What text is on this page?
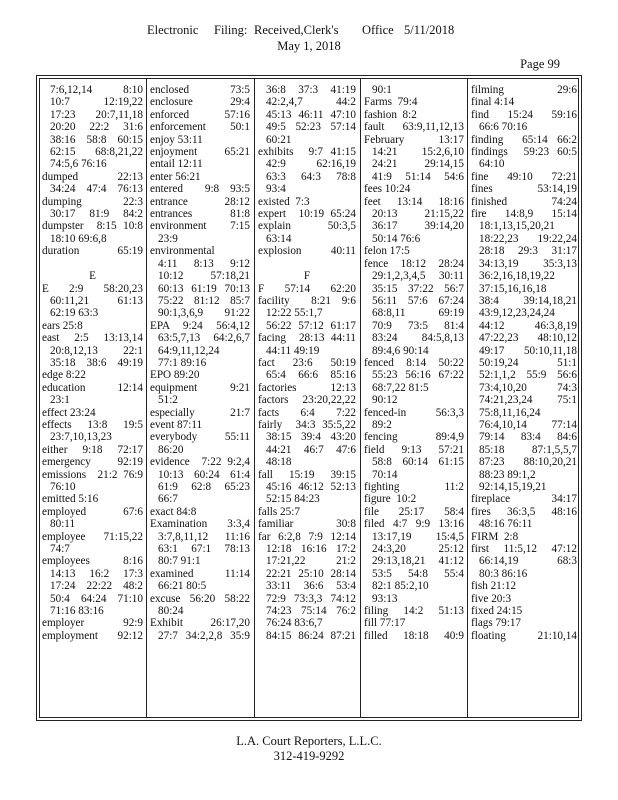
Electronic Filing: Received,Clerk's Office 5/11/2018
May 1, 2018
Page 99
7:6,12,14  8:10
10:7 12:19,22
17:23 20:7,11,18
20:20 22:2 31:6
38:16 58:8 60:15
62:15 68:8,21,22
74:5,6 76:16
dumped  22:13
34:24 47:4 76:13
dumping  22:3
30:17 81:9 84:2
dumpster  8:15 10:8
18:10 69:6,8
duration  65:19
E
E 2:9 58:20,23
60:11,21 61:13
62:19 63:3
ears 25:8
east 2:5 13:13,14
20:8,12,13 22:1
35:18 38:6 49:19
edge 8:22
education  12:14
23:1
effect 23:24
effects 13:8 19:5
23:7,10,13,23
either 9:18 72:17
emergency  92:19
emissions  21:2 76:9
76:10
emitted 5:16
employed  67:6
80:11
employee  71:15,22
74:7
employees  8:16
14:13 16:2 17:3
17:24 22:22 48:2
50:4 64:24 71:10
71:16 83:16
employer  92:9
employment  92:12
enclosed  73:5
enclosure  29:4
enforced  57:16
enforcement  50:1
enjoy 53:11
enjoyment  65:21
entail 12:11
enter 56:21
entered  9:8 93:5
entrance  28:12
entrances  81:8
environment  7:15
23:9
environmental
4:11 8:13 9:12
10:12 57:18,21
60:13 61:19 70:13
75:22 81:12 85:7
90:1,3,6,9 91:22
EPA 9:24 56:4,12
63:5,7,13 64:2,6,7
64:9,11,12,24
77:1 89:16
EPO 89:20
equipment  9:21
51:2
especially  21:7
event 87:11
everybody  55:11
86:20
evidence  7:22 9:2,4
10:13 60:24 61:4
61:9 62:8 65:23
66:7
exact 84:8
Examination  3:3,4
3:7,8,11,12 11:16
63:1 67:1 78:13
80:7 91:1
examined  11:14
66:21 80:5
excuse 56:20 58:22
80:24
Exhibit 26:17,20
27:7 34:2,2,8 35:9
36:8 37:3 41:19
42:2,4,7 44:2
45:13 46:11 47:10
49:5 52:23 57:14
60:21
exhibits  9:7 41:15
42:9 62:16,19
63:3 64:3 78:8
93:4
existed  7:3
expert  10:19 65:24
explain  50:3,5
63:14
explosion  40:11
F
F 57:14 62:20
facility  8:21 9:6
12:22 55:1,7
56:22 57:12 61:17
facing  28:13 44:11
44:11 49:19
fact 23:6 50:19
65:4 66:6 85:16
factories  12:13
factors  23:20,22,22
facts 6:4 7:22
fairly  34:3 35:5,22
38:15 39:4 43:20
44:21 46:7 47:6
48:18
fall 15:19 39:15
45:16 46:12 52:13
52:15 84:23
falls 25:7
familiar  30:8
far 6:2,8 7:9 12:14
12:18 16:16 17:2
17:21,22 21:2
22:21 25:10 28:14
33:11 36:6 53:4
72:9 73:3,3 74:12
74:23 75:14 76:2
76:24 83:6,7
84:15 86:24 87:21
90:1
Farms  79:4
fashion  8:2
fault 63:9,11,12,13
February  13:17
14:21 15:2,6,10
24:21 29:14,15
41:9 51:14 54:6
fees 10:24
feet 13:14 18:16
20:13 21:15,22
36:17 39:14,20
50:14 76:6
felon 17:5
fence 18:12 28:24
29:1,2,3,4,5 30:11
35:15 37:22 56:7
56:11 57:6 67:24
68:8,11 69:19
70:9 73:5 81:4
83:24 84:5,8,13
89:4,6 90:14
fenced 8:14 50:22
55:23 56:16 67:22
68:7,22 81:5
90:12
fenced-in  56:3,3
89:2
fencing  89:4,9
field 9:13 57:21
58:8 60:14 61:15
70:14
fighting  11:2
figure  10:2
file 25:17 58:4
filed 4:7 9:9 13:16
13:17,19 15:4,5
24:3,20 25:12
29:13,18,21 41:12
53:5 54:8 55:4
82:1 85:2,10
93:13
filing 14:2 51:13
fill 77:17
filled 18:18 40:9
filming  29:6
final 4:14
find 15:24 59:16
66:6 70:16
finding  65:14 66:2
findings  59:23 60:5
64:10
fine 49:10 72:21
fines 53:14,19
finished  74:24
fire 14:8,9 15:14
18:1,13,15,20,21
18:22,23 19:22,24
28:18 29:3 31:17
34:13,19 35:3,13
36:2,16,18,19,22
37:15,16,16,18
38:4 39:14,18,21
43:9,12,23,24,24
44:12 46:3,8,19
47:22,23 48:10,12
49:17 50:10,11,18
50:19,24 51:1
52:1,1,2 55:9 56:6
73:4,10,20 74:3
74:21,23,24 75:1
75:8,11,16,24
76:4,10,14 77:14
79:14 83:4 84:6
85:18 87:1,5,5,7
87:23 88:10,20,21
88:23 89:1,2
92:14,15,19,21
fireplace  34:17
fires 36:3,5 48:16
48:16 76:11
FIRM  2:8
first 11:5,12 47:12
66:14,19 68:3
80:3 86:16
fish 21:12
five 20:3
fixed 24:15
flags 79:17
floating  21:10,14
L.A. Court Reporters, L.L.C.
312-419-9292
